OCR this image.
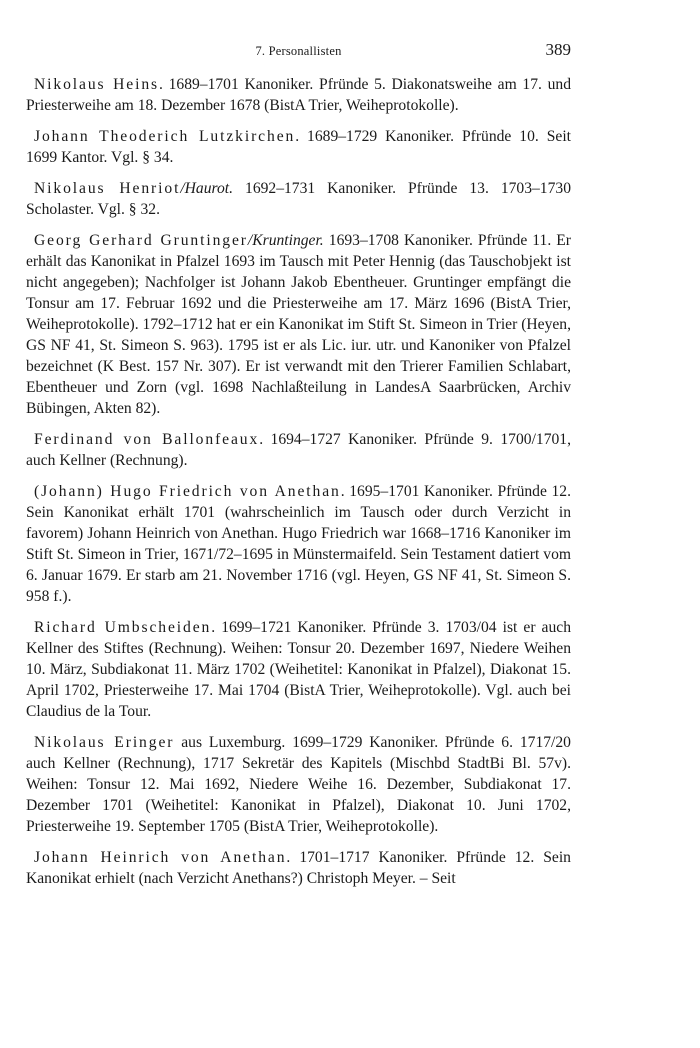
7. Personallisten	389

Nikolaus Heins. 1689–1701 Kanoniker. Pfründe 5. Diakonatsweihe am 17. und Priesterweihe am 18. Dezember 1678 (BistA Trier, Weiheprotokolle).

Johann Theoderich Lutzkirchen. 1689–1729 Kanoniker. Pfründe 10. Seit 1699 Kantor. Vgl. § 34.

Nikolaus Henriot/Haurot. 1692–1731 Kanoniker. Pfründe 13. 1703–1730 Scholaster. Vgl. § 32.

Georg Gerhard Gruntinger/Kruntinger. 1693–1708 Kanoniker. Pfründe 11. Er erhält das Kanonikat in Pfalzel 1693 im Tausch mit Peter Hennig (das Tauschobjekt ist nicht angegeben); Nachfolger ist Johann Jakob Ebentheuer. Gruntinger empfängt die Tonsur am 17. Februar 1692 und die Priesterweihe am 17. März 1696 (BistA Trier, Weiheprotokolle). 1792–1712 hat er ein Kanonikat im Stift St. Simeon in Trier (Heyen, GS NF 41, St. Simeon S. 963). 1795 ist er als Lic. iur. utr. und Kanoniker von Pfalzel bezeichnet (K Best. 157 Nr. 307). Er ist verwandt mit den Trierer Familien Schlabart, Ebentheuer und Zorn (vgl. 1698 Nachlaßteilung in LandesA Saarbrücken, Archiv Bübingen, Akten 82).

Ferdinand von Ballonfeaux. 1694–1727 Kanoniker. Pfründe 9. 1700/1701, auch Kellner (Rechnung).

(Johann) Hugo Friedrich von Anethan. 1695–1701 Kanoniker. Pfründe 12. Sein Kanonikat erhält 1701 (wahrscheinlich im Tausch oder durch Verzicht in favorem) Johann Heinrich von Anethan. Hugo Friedrich war 1668–1716 Kanoniker im Stift St. Simeon in Trier, 1671/72–1695 in Münstermaifeld. Sein Testament datiert vom 6. Januar 1679. Er starb am 21. November 1716 (vgl. Heyen, GS NF 41, St. Simeon S. 958 f.).

Richard Umbscheiden. 1699–1721 Kanoniker. Pfründe 3. 1703/04 ist er auch Kellner des Stiftes (Rechnung). Weihen: Tonsur 20. Dezember 1697, Niedere Weihen 10. März, Subdiakonat 11. März 1702 (Weihetitel: Kanonikat in Pfalzel), Diakonat 15. April 1702, Priesterweihe 17. Mai 1704 (BistA Trier, Weiheprotokolle). Vgl. auch bei Claudius de la Tour.

Nikolaus Eringer aus Luxemburg. 1699–1729 Kanoniker. Pfründe 6. 1717/20 auch Kellner (Rechnung), 1717 Sekretär des Kapitels (Mischbd StadtBi Bl. 57v). Weihen: Tonsur 12. Mai 1692, Niedere Weihe 16. Dezember, Subdiakonat 17. Dezember 1701 (Weihetitel: Kanonikat in Pfalzel), Diakonat 10. Juni 1702, Priesterweihe 19. September 1705 (BistA Trier, Weiheprotokolle).

Johann Heinrich von Anethan. 1701–1717 Kanoniker. Pfründe 12. Sein Kanonikat erhielt (nach Verzicht Anethans?) Christoph Meyer. – Seit
